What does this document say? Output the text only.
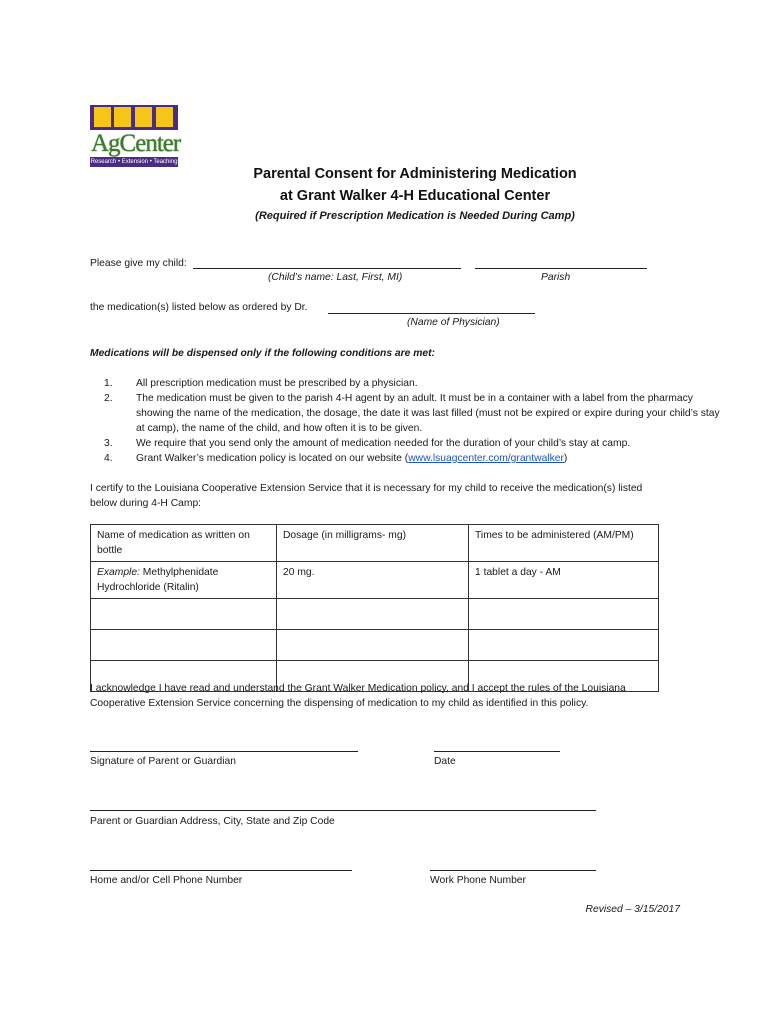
AgCenter
Research • Extension • Teaching
Parental Consent for Administering Medication
at Grant Walker 4-H Educational Center
(Required if Prescription Medication is Needed During Camp)
Please give my child:
(Child’s name: Last, First, MI)	Parish
the medication(s) listed below as ordered by Dr.
(Name of Physician)
Medications will be dispensed only if the following conditions are met:
1. All prescription medication must be prescribed by a physician.
2. The medication must be given to the parish 4-H agent by an adult. It must be in a container with a label from the pharmacy showing the name of the medication, the dosage, the date it was last filled (must not be expired or expire during your child’s stay at camp), the name of the child, and how often it is to be given.
3. We require that you send only the amount of medication needed for the duration of your child’s stay at camp.
4. Grant Walker’s medication policy is located on our website (www.lsuagcenter.com/grantwalker)
I certify to the Louisiana Cooperative Extension Service that it is necessary for my child to receive the medication(s) listed below during 4-H Camp:
Name of medication as written on bottle	Dosage (in milligrams- mg)	Times to be administered (AM/PM)
Example: Methylphenidate Hydrochloride (Ritalin)	20 mg.	1 tablet a day - AM

I acknowledge I have read and understand the Grant Walker Medication policy, and I accept the rules of the Louisiana Cooperative Extension Service concerning the dispensing of medication to my child as identified in this policy.
Signature of Parent or Guardian	Date
Parent or Guardian Address, City, State and Zip Code
Home and/or Cell Phone Number	Work Phone Number
Revised – 3/15/2017
